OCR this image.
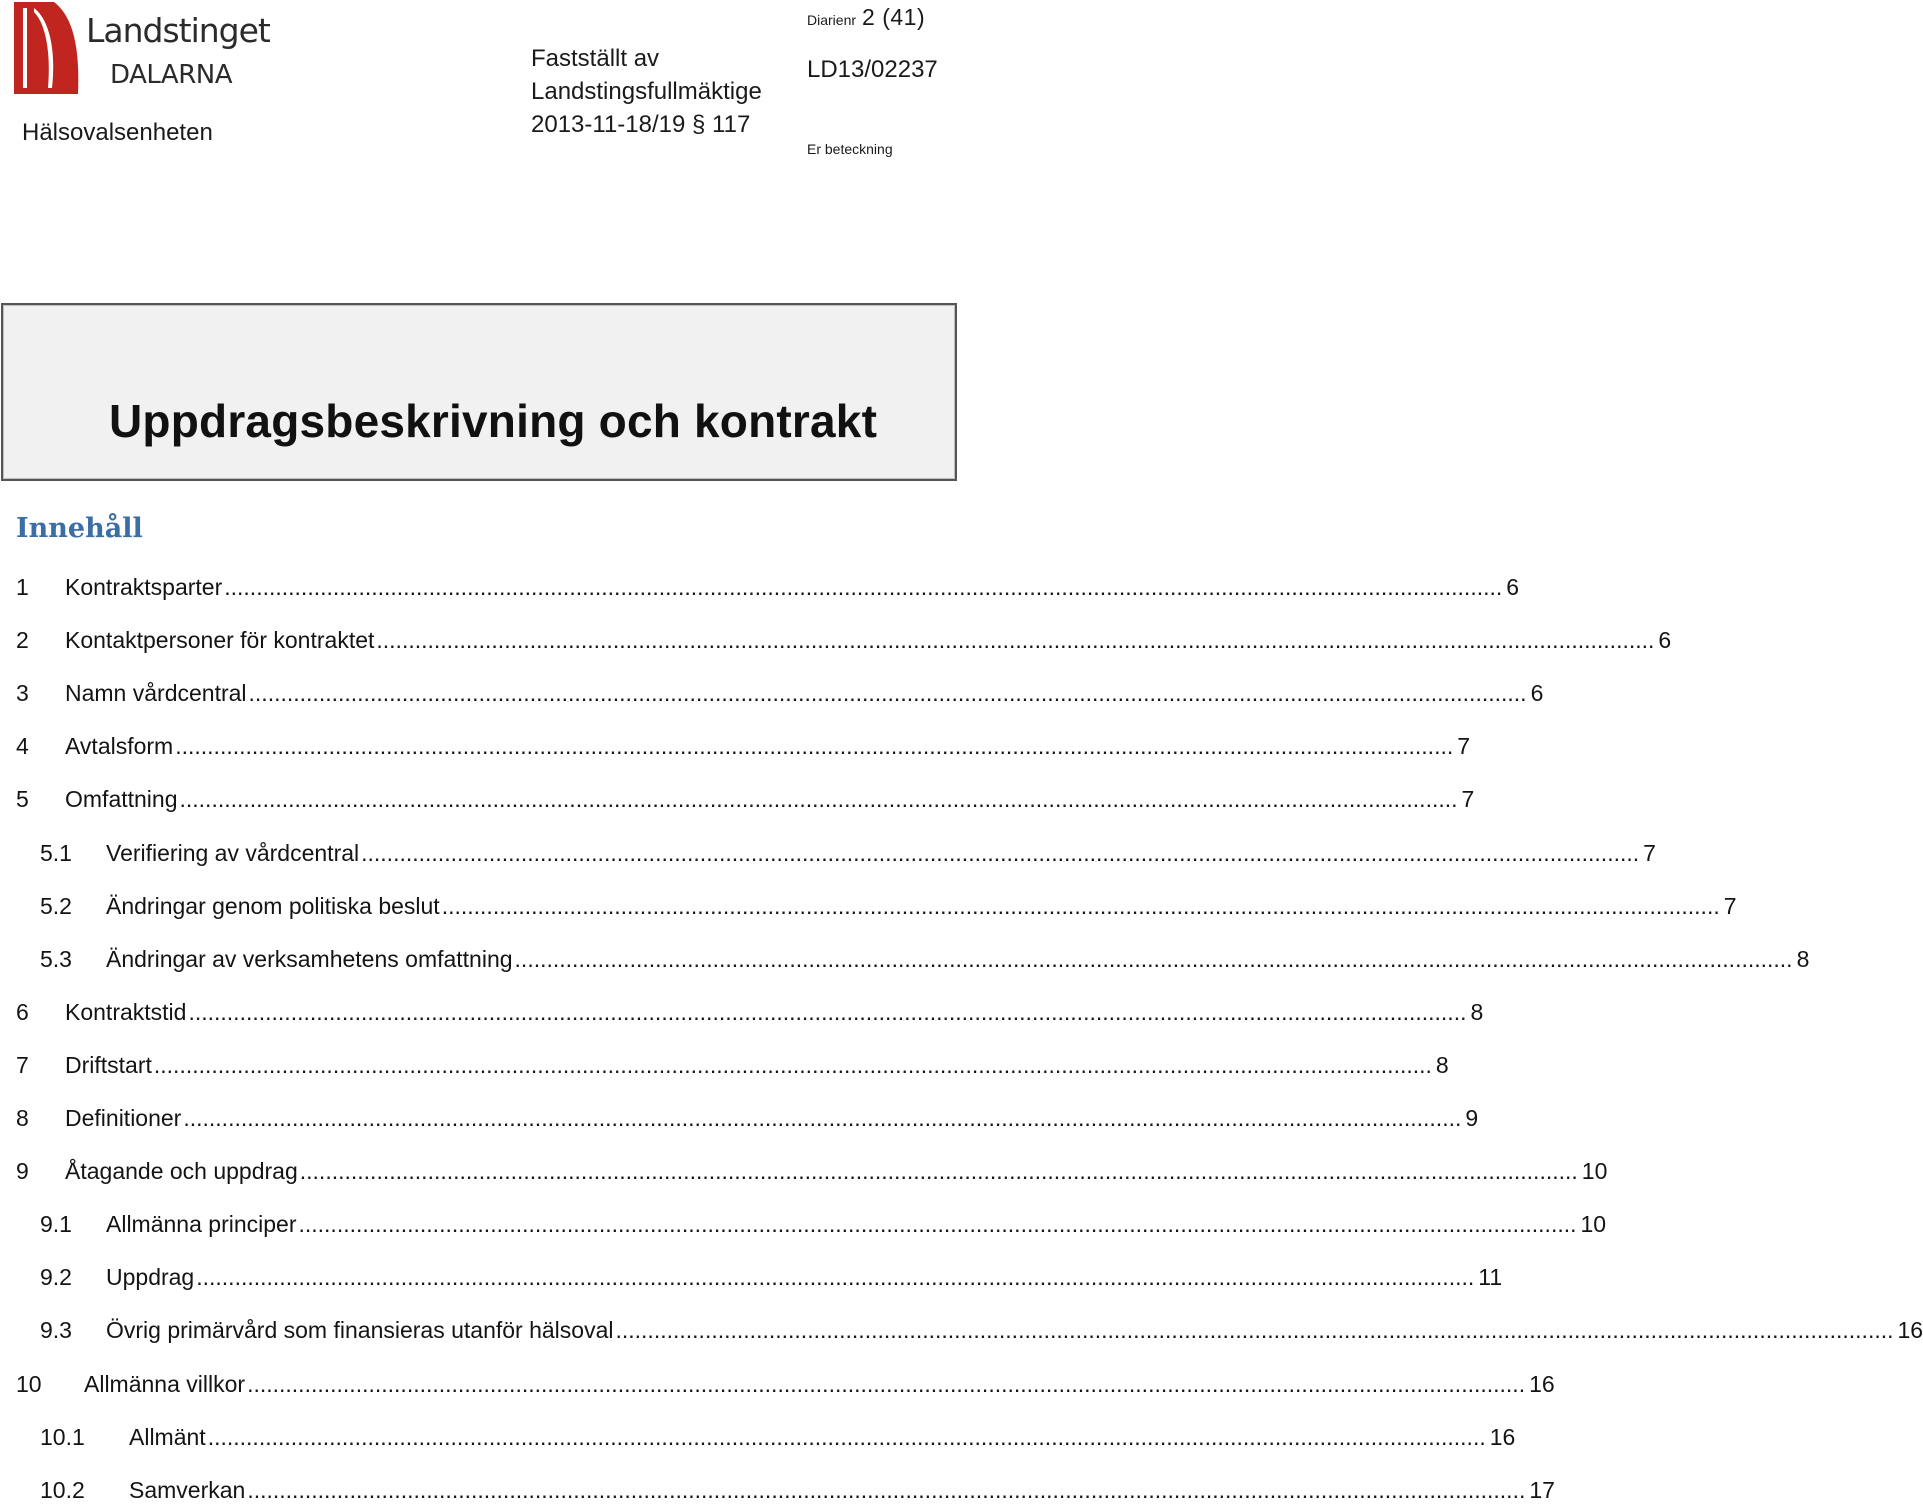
Landstinget
DALARNA
Hälsovalsenheten
Fastställt av
Landstingsfullmäktige
2013-11-18/19 § 117
Diarienr 2 (41)
LD13/02237
Er beteckning
Uppdragsbeskrivning och kontrakt
Innehåll
1 Kontraktsparter ........................................................................................................................................................................................................ 6
2 Kontaktpersoner för kontraktet ........................................................................................................................................................................................................ 6
3 Namn vårdcentral ........................................................................................................................................................................................................ 6
4 Avtalsform ........................................................................................................................................................................................................ 7
5 Omfattning ........................................................................................................................................................................................................ 7
5.1 Verifiering av vårdcentral ........................................................................................................................................................................................................ 7
5.2 Ändringar genom politiska beslut ........................................................................................................................................................................................................ 7
5.3 Ändringar av verksamhetens omfattning ........................................................................................................................................................................................................ 8
6 Kontraktstid ........................................................................................................................................................................................................ 8
7 Driftstart ........................................................................................................................................................................................................ 8
8 Definitioner ........................................................................................................................................................................................................ 9
9 Åtagande och uppdrag ........................................................................................................................................................................................................ 10
9.1 Allmänna principer ........................................................................................................................................................................................................ 10
9.2 Uppdrag ........................................................................................................................................................................................................ 11
9.3 Övrig primärvård som finansieras utanför hälsoval ........................................................................................................................................................................................................ 16
10 Allmänna villkor ........................................................................................................................................................................................................ 16
10.1 Allmänt ........................................................................................................................................................................................................ 16
10.2 Samverkan ........................................................................................................................................................................................................ 17
